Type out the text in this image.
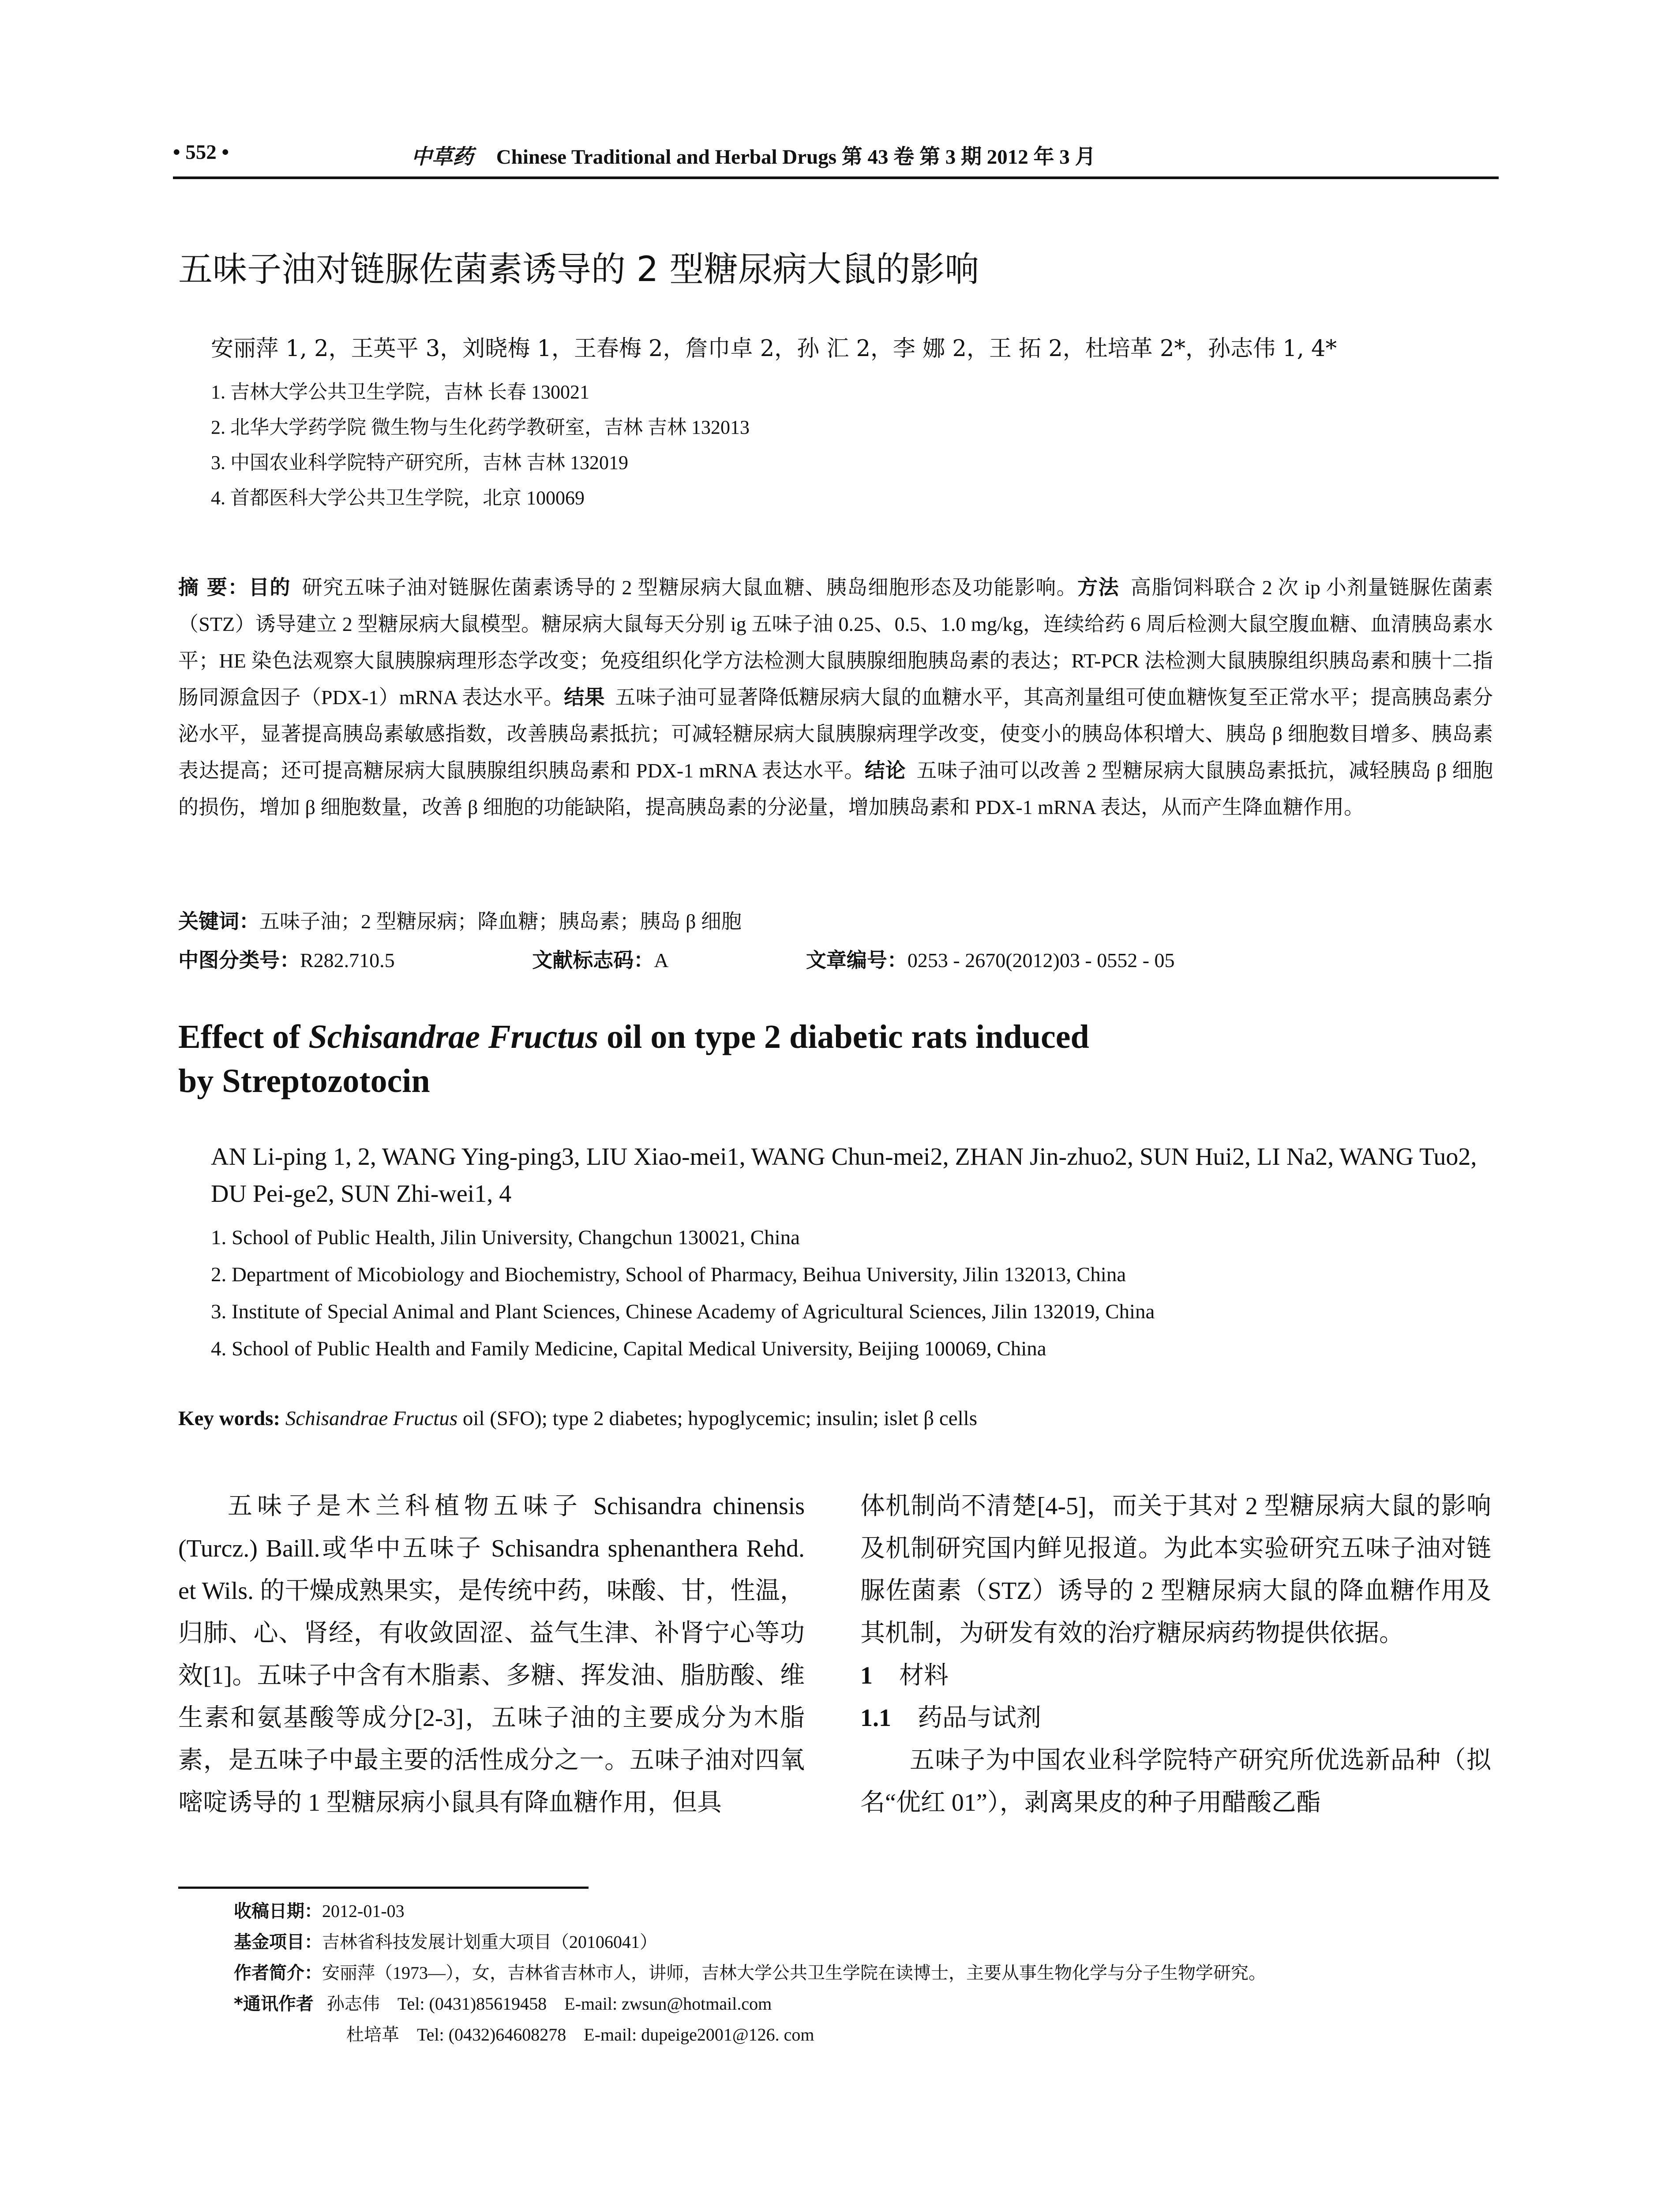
• 552 •	中草药 Chinese Traditional and Herbal Drugs 第 43 卷 第 3 期 2012 年 3 月
五味子油对链脲佐菌素诱导的 2 型糖尿病大鼠的影响
安丽萍 1, 2，王英平 3，刘晓梅 1，王春梅 2，詹巾卓 2，孙 汇 2，李 娜 2，王 拓 2，杜培革 2*，孙志伟 1, 4*
1. 吉林大学公共卫生学院，吉林 长春 130021
2. 北华大学药学院 微生物与生化药学教研室，吉林 吉林 132013
3. 中国农业科学院特产研究所，吉林 吉林 132019
4. 首都医科大学公共卫生学院，北京 100069
摘 要：目的 研究五味子油对链脲佐菌素诱导的 2 型糖尿病大鼠血糖、胰岛细胞形态及功能影响。方法 高脂饲料联合 2 次 ip 小剂量链脲佐菌素（STZ）诱导建立 2 型糖尿病大鼠模型。糖尿病大鼠每天分别 ig 五味子油 0.25、0.5、1.0 mg/kg，连续给药 6 周后检测大鼠空腹血糖、血清胰岛素水平；HE 染色法观察大鼠胰腺病理形态学改变；免疫组织化学方法检测大鼠胰腺细胞胰岛素的表达；RT-PCR 法检测大鼠胰腺组织胰岛素和胰十二指肠同源盒因子（PDX-1）mRNA 表达水平。结果 五味子油可显著降低糖尿病大鼠的血糖水平，其高剂量组可使血糖恢复至正常水平；提高胰岛素分泌水平，显著提高胰岛素敏感指数，改善胰岛素抵抗；可减轻糖尿病大鼠胰腺病理学改变，使变小的胰岛体积增大、胰岛 β 细胞数目增多、胰岛素表达提高；还可提高糖尿病大鼠胰腺组织胰岛素和 PDX-1 mRNA 表达水平。结论 五味子油可以改善 2 型糖尿病大鼠胰岛素抵抗，减轻胰岛 β 细胞的损伤，增加 β 细胞数量，改善 β 细胞的功能缺陷，提高胰岛素的分泌量，增加胰岛素和 PDX-1 mRNA 表达，从而产生降血糖作用。
关键词：五味子油；2 型糖尿病；降血糖；胰岛素；胰岛 β 细胞
中图分类号：R282.710.5	文献标志码：A	文章编号：0253 - 2670(2012)03 - 0552 - 05
Effect of Schisandrae Fructus oil on type 2 diabetic rats induced
by Streptozotocin
AN Li-ping 1, 2, WANG Ying-ping3, LIU Xiao-mei1, WANG Chun-mei2, ZHAN Jin-zhuo2, SUN Hui2, LI Na2, WANG Tuo2, DU Pei-ge2, SUN Zhi-wei1, 4
1. School of Public Health, Jilin University, Changchun 130021, China
2. Department of Micobiology and Biochemistry, School of Pharmacy, Beihua University, Jilin 132013, China
3. Institute of Special Animal and Plant Sciences, Chinese Academy of Agricultural Sciences, Jilin 132019, China
4. School of Public Health and Family Medicine, Capital Medical University, Beijing 100069, China
Key words: Schisandrae Fructus oil (SFO); type 2 diabetes; hypoglycemic; insulin; islet β cells

五味子是木兰科植物五味子 Schisandra chinensis (Turcz.) Baill.或华中五味子 Schisandra sphenanthera Rehd. et Wils. 的干燥成熟果实，是传统中药，味酸、甘，性温，归肺、心、肾经，有收敛固涩、益气生津、补肾宁心等功效[1]。五味子中含有木脂素、多糖、挥发油、脂肪酸、维生素和氨基酸等成分[2-3]，五味子油的主要成分为木脂素，是五味子中最主要的活性成分之一。五味子油对四氧嘧啶诱导的 1 型糖尿病小鼠具有降血糖作用，但具

体机制尚不清楚[4-5]，而关于其对 2 型糖尿病大鼠的影响及机制研究国内鲜见报道。为此本实验研究五味子油对链脲佐菌素（STZ）诱导的 2 型糖尿病大鼠的降血糖作用及其机制，为研发有效的治疗糖尿病药物提供依据。

1 材料
1.1 药品与试剂

五味子为中国农业科学院特产研究所优选新品种（拟名“优红 01”），剥离果皮的种子用醋酸乙酯

收稿日期：2012-01-03
基金项目：吉林省科技发展计划重大项目（20106041）
作者简介：安丽萍（1973—），女，吉林省吉林市人，讲师，吉林大学公共卫生学院在读博士，主要从事生物化学与分子生物学研究。
*通讯作者 孙志伟　Tel: (0431)85619458　E-mail: zwsun@hotmail.com
杜培革　Tel: (0432)64608278　E-mail: dupeige2001@126. com
